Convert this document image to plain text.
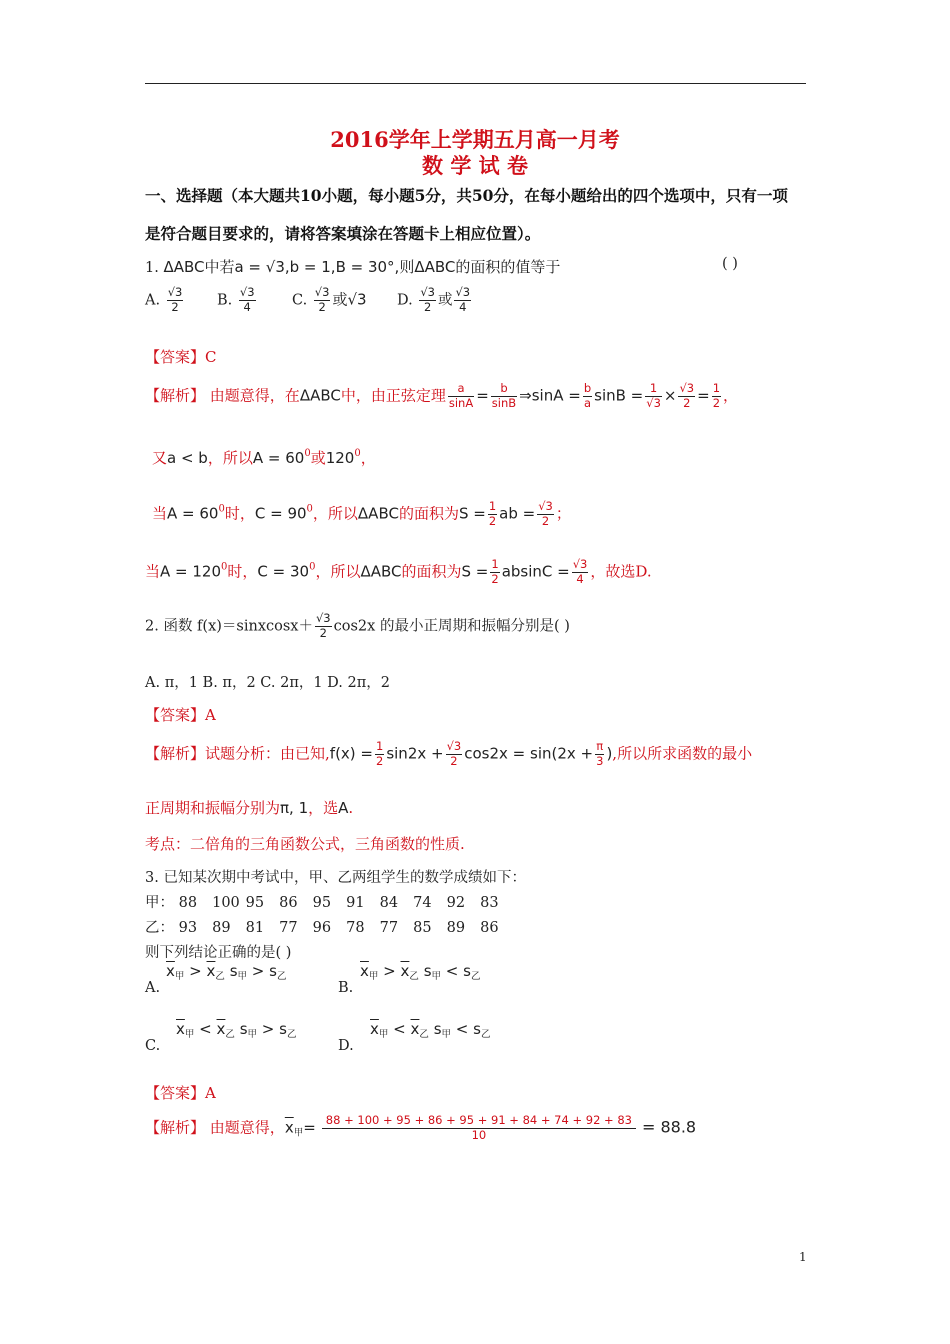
2016学年上学期五月高一月考
数 学 试 卷
一、选择题（本大题共10小题，每小题5分，共50分，在每小题给出的四个选项中，只有一项
是符合题目要求的，请将答案填涂在答题卡上相应位置）。
1. ΔABC中若a = √3,b = 1,B = 30°,则ΔABC的面积的值等于	( )
A. $\frac{√3}{2} B$. $\frac{√3}{4}$	C. $\frac{√3}{2}$ 或√3 D. $\frac{√3}{2}$ 或 $\frac{√3}{4}$
【答案】C
【解析】 由题意得，在ΔABC中，由正弦定理 $\frac{a}{\sin A} = \frac{b}{\sin B}$ ⇒sinA = $\frac{b}{a}$ $\sin B = \frac{1}{√3} \times \frac{√3}{2} = \frac{1}{2}$ ，
又a < b，所以$A = 60^0$或$120^0$，
当$A = 60^0$时，$C = 90^0$，所以ΔABC的面积为$S = \frac{1}{2}$ ab = $\frac{√3}{2}$ ；
当$A = 120^0$时，$C = 30^0$，所以ΔABC的面积为$S = \frac{1}{2}$ $absinC = \frac{√3}{4}$ ，故选D.
2. 函数 f(x)＝sinxcosx＋ $\frac{√3}{2} \cos 2x$ 的最小正周期和振幅分别是( )
A. π，1 B. π，2 C. 2π，1 D. 2π，2
【答案】A
【解析】试题分析：由已知$,f(x) = \frac{1}{2} \sin 2x + \frac{√3}{2} \cos 2x = \sin(2x + \frac{\pi}{3}$ ),所以所求函数的最小
正周期和振幅分别为π, 1，选A.
考点：二倍角的三角函数公式，三角函数的性质.
3. 已知某次期中考试中，甲、乙两组学生的数学成绩如下：
甲： 88 100 95 86 95 91 84 74 92 83
乙： 93 89 81 77 96 78 77 85 89 86
则下列结论正确的是( )
A.
$\overline{x}_甲 > \overline{x}_乙$ $s_甲 > s_乙$
B.
$\overline{x}_甲 > \overline{x}_乙$ $s_甲 < s_乙$
C.
$\overline{x}_甲 < \overline{x}_乙$ $s_甲 > s_乙$
D.
$\overline{x}_甲 < \overline{x}_乙$ $s_甲 < s_乙$
【答案】A
【解析】 由题意得，$\overline{x}_甲= \frac{88 + 100 + 95 + 86 + 95 + 91 + 84 + 74 + 92 + 83}{10} = 88.8$
1
